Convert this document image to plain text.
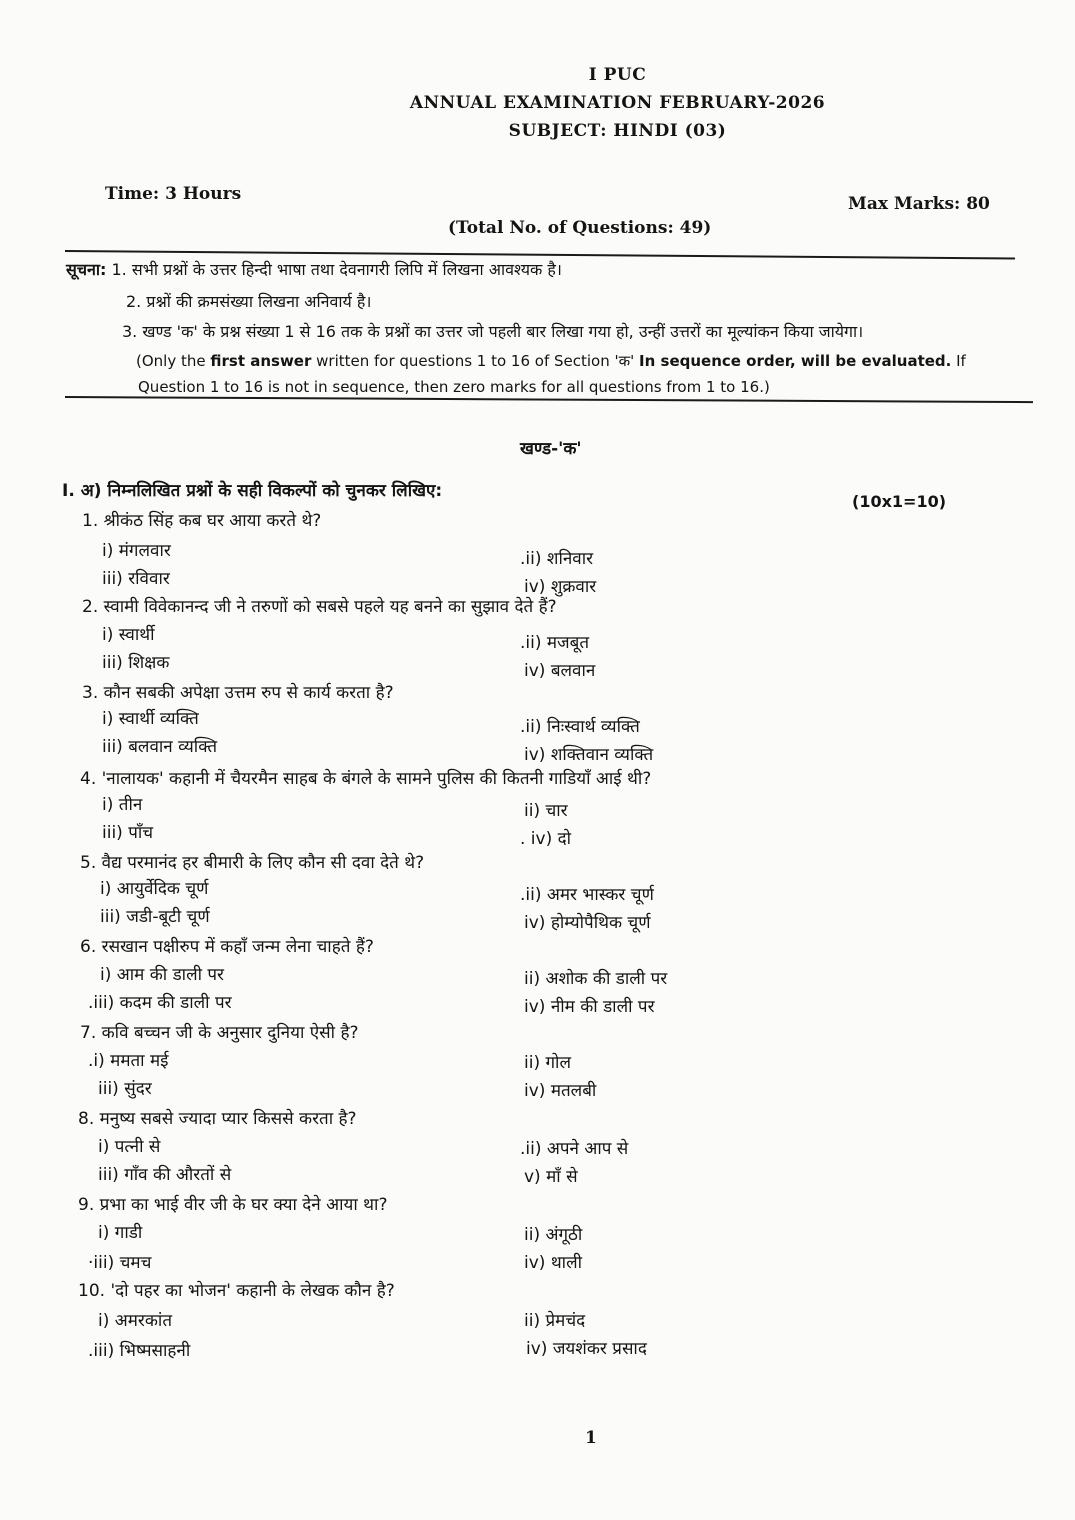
I PUC
ANNUAL EXAMINATION FEBRUARY-2026
SUBJECT: HINDI (03)
Time: 3 Hours	Max Marks: 80
(Total No. of Questions: 49)
सूचना: 1. सभी प्रश्नों के उत्तर हिन्दी भाषा तथा देवनागरी लिपि में लिखना आवश्यक है।
2. प्रश्नों की क्रमसंख्या लिखना अनिवार्य है।
3. खण्ड 'क' के प्रश्न संख्या 1 से 16 तक के प्रश्नों का उत्तर जो पहली बार लिखा गया हो, उन्हीं उत्तरों का मूल्यांकन किया जायेगा।
(Only the first answer written for questions 1 to 16 of Section 'क' In sequence order, will be evaluated. If
Question 1 to 16 is not in sequence, then zero marks for all questions from 1 to 16.)
खण्ड-'क'
I. अ) निम्नलिखित प्रश्नों के सही विकल्पों को चुनकर लिखिए:
(10x1=10)
1. श्रीकंठ सिंह कब घर आया करते थे?
i) मंगलवार	.ii) शनिवार
iii) रविवार	iv) शुक्रवार
2. स्वामी विवेकानन्द जी ने तरुणों को सबसे पहले यह बनने का सुझाव देते हैं?
i) स्वार्थी	.ii) मजबूत
iii) शिक्षक	iv) बलवान
3. कौन सबकी अपेक्षा उत्तम रुप से कार्य करता है?
i) स्वार्थी व्यक्ति	.ii) निःस्वार्थ व्यक्ति
iii) बलवान व्यक्ति	iv) शक्तिवान व्यक्ति
4. 'नालायक' कहानी में चैयरमैन साहब के बंगले के सामने पुलिस की कितनी गाडियाँ आई थी?
i) तीन	ii) चार
iii) पाँच	. iv) दो
5. वैद्य परमानंद हर बीमारी के लिए कौन सी दवा देते थे?
i) आयुर्वेदिक चूर्ण	.ii) अमर भास्कर चूर्ण
iii) जडी-बूटी चूर्ण	iv) होम्योपैथिक चूर्ण
6. रसखान पक्षीरुप में कहाँ जन्म लेना चाहते हैं?
i) आम की डाली पर	ii) अशोक की डाली पर
.iii) कदम की डाली पर	iv) नीम की डाली पर
7. कवि बच्चन जी के अनुसार दुनिया ऐसी है?
.i) ममता मई	ii) गोल
iii) सुंदर	iv) मतलबी
8. मनुष्य सबसे ज्यादा प्यार किससे करता है?
i) पत्नी से	.ii) अपने आप से
iii) गाँव की औरतों से	v) माँ से
9. प्रभा का भाई वीर जी के घर क्या देने आया था?
i) गाडी	ii) अंगूठी
·iii) चमच	iv) थाली
10. 'दो पहर का भोजन' कहानी के लेखक कौन है?
i) अमरकांत	ii) प्रेमचंद
.iii) भिष्मसाहनी	iv) जयशंकर प्रसाद
1
